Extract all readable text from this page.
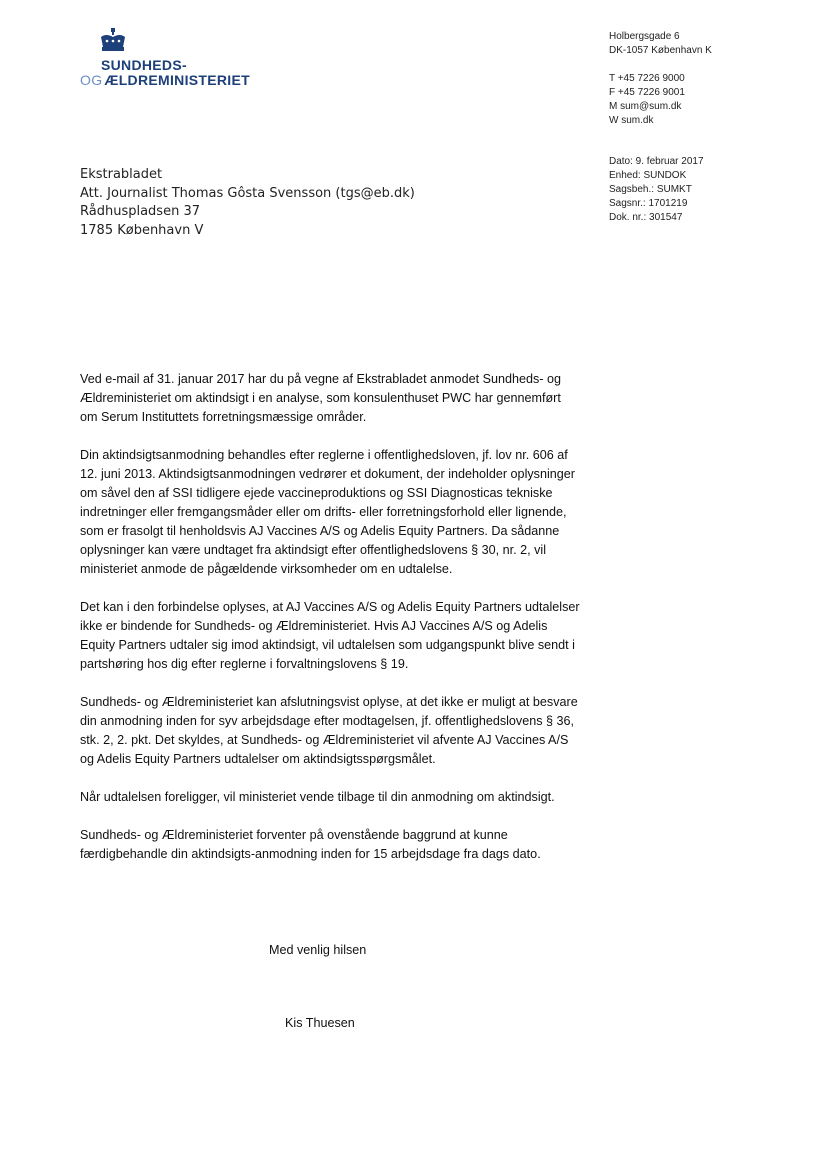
SUNDHEDS-
OG ÆLDREMINISTERIET
Holbergsgade 6
DK-1057 København K
T +45 7226 9000
F +45 7226 9001
M sum@sum.dk
W sum.dk
Dato: 9. februar 2017
Enhed: SUNDOK
Sagsbeh.: SUMKT
Sagsnr.: 1701219
Dok. nr.: 301547
Ekstrabladet
Att. Journalist Thomas Gôsta Svensson (tgs@eb.dk)
Rådhuspladsen 37
1785 København V

Ved e-mail af 31. januar 2017 har du på vegne af Ekstrabladet anmodet Sundheds- og Ældreministeriet om aktindsigt i en analyse, som konsulenthuset PWC har gennemført om Serum Instituttets forretningsmæssige områder.

Din aktindsigtsanmodning behandles efter reglerne i offentlighedsloven, jf. lov nr. 606 af 12. juni 2013. Aktindsigtsanmodningen vedrører et dokument, der indeholder oplysninger om såvel den af SSI tidligere ejede vaccineproduktions og SSI Diagnosticas tekniske indretninger eller fremgangsmåder eller om drifts- eller forretningsforhold eller lignende, som er frasolgt til henholdsvis AJ Vaccines A/S og Adelis Equity Partners. Da sådanne oplysninger kan være undtaget fra aktindsigt efter offentlighedslovens § 30, nr. 2, vil ministeriet anmode de pågældende virksomheder om en udtalelse.

Det kan i den forbindelse oplyses, at AJ Vaccines A/S og Adelis Equity Partners udtalelser ikke er bindende for Sundheds- og Ældreministeriet. Hvis AJ Vaccines A/S og Adelis Equity Partners udtaler sig imod aktindsigt, vil udtalelsen som udgangspunkt blive sendt i partshøring hos dig efter reglerne i forvaltningslovens § 19.

Sundheds- og Ældreministeriet kan afslutningsvist oplyse, at det ikke er muligt at besvare din anmodning inden for syv arbejdsdage efter modtagelsen, jf. offentlighedslovens § 36, stk. 2, 2. pkt. Det skyldes, at Sundheds- og Ældreministeriet vil afvente AJ Vaccines A/S og Adelis Equity Partners udtalelser om aktindsigtsspørgsmålet.

Når udtalelsen foreligger, vil ministeriet vende tilbage til din anmodning om aktindsigt.

Sundheds- og Ældreministeriet forventer på ovenstående baggrund at kunne færdigbehandle din aktindsigts-anmodning inden for 15 arbejdsdage fra dags dato.

Med venlig hilsen
Kis Thuesen
